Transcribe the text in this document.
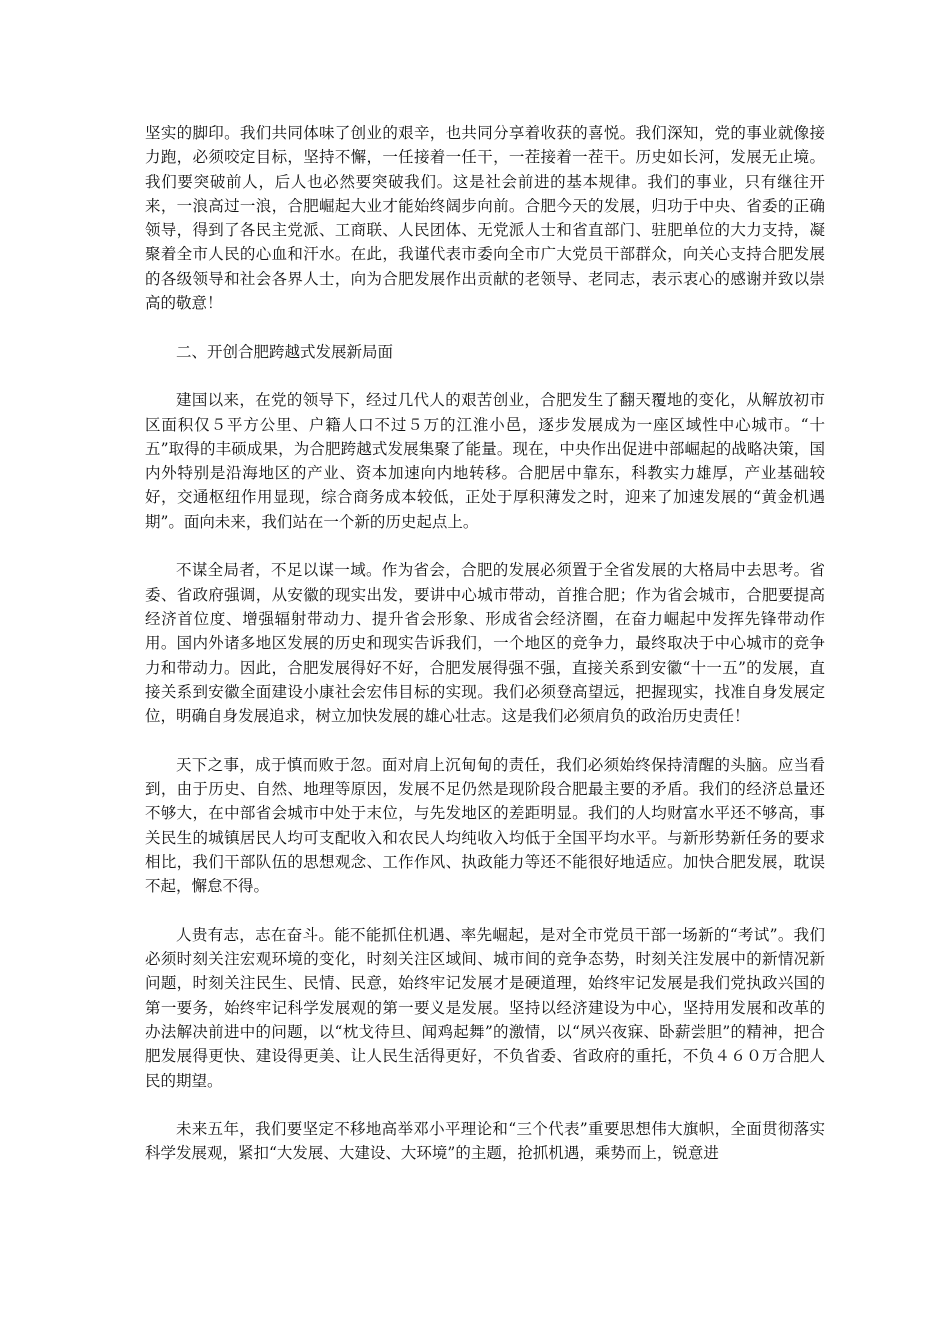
坚实的脚印。我们共同体味了创业的艰辛，也共同分享着收获的喜悦。我们深知，党的事业就像接力跑，必须咬定目标，坚持不懈，一任接着一任干，一茬接着一茬干。历史如长河，发展无止境。我们要突破前人，后人也必然要突破我们。这是社会前进的基本规律。我们的事业，只有继往开来，一浪高过一浪，合肥崛起大业才能始终阔步向前。合肥今天的发展，归功于中央、省委的正确领导，得到了各民主党派、工商联、人民团体、无党派人士和省直部门、驻肥单位的大力支持，凝聚着全市人民的心血和汗水。在此，我谨代表市委向全市广大党员干部群众，向关心支持合肥发展的各级领导和社会各界人士，向为合肥发展作出贡献的老领导、老同志，表示衷心的感谢并致以崇高的敬意！

二、开创合肥跨越式发展新局面

建国以来，在党的领导下，经过几代人的艰苦创业，合肥发生了翻天覆地的变化，从解放初市区面积仅５平方公里、户籍人口不过５万的江淮小邑，逐步发展成为一座区域性中心城市。“十五”取得的丰硕成果，为合肥跨越式发展集聚了能量。现在，中央作出促进中部崛起的战略决策，国内外特别是沿海地区的产业、资本加速向内地转移。合肥居中靠东，科教实力雄厚，产业基础较好，交通枢纽作用显现，综合商务成本较低，正处于厚积薄发之时，迎来了加速发展的“黄金机遇期”。面向未来，我们站在一个新的历史起点上。

不谋全局者，不足以谋一域。作为省会，合肥的发展必须置于全省发展的大格局中去思考。省委、省政府强调，从安徽的现实出发，要讲中心城市带动，首推合肥；作为省会城市，合肥要提高经济首位度、增强辐射带动力、提升省会形象、形成省会经济圈，在奋力崛起中发挥先锋带动作用。国内外诸多地区发展的历史和现实告诉我们，一个地区的竞争力，最终取决于中心城市的竞争力和带动力。因此，合肥发展得好不好，合肥发展得强不强，直接关系到安徽“十一五”的发展，直接关系到安徽全面建设小康社会宏伟目标的实现。我们必须登高望远，把握现实，找准自身发展定位，明确自身发展追求，树立加快发展的雄心壮志。这是我们必须肩负的政治历史责任！

天下之事，成于慎而败于忽。面对肩上沉甸甸的责任，我们必须始终保持清醒的头脑。应当看到，由于历史、自然、地理等原因，发展不足仍然是现阶段合肥最主要的矛盾。我们的经济总量还不够大，在中部省会城市中处于末位，与先发地区的差距明显。我们的人均财富水平还不够高，事关民生的城镇居民人均可支配收入和农民人均纯收入均低于全国平均水平。与新形势新任务的要求相比，我们干部队伍的思想观念、工作作风、执政能力等还不能很好地适应。加快合肥发展，耽误不起，懈怠不得。

人贵有志，志在奋斗。能不能抓住机遇、率先崛起，是对全市党员干部一场新的“考试”。我们必须时刻关注宏观环境的变化，时刻关注区域间、城市间的竞争态势，时刻关注发展中的新情况新问题，时刻关注民生、民情、民意，始终牢记发展才是硬道理，始终牢记发展是我们党执政兴国的第一要务，始终牢记科学发展观的第一要义是发展。坚持以经济建设为中心，坚持用发展和改革的办法解决前进中的问题，以“枕戈待旦、闻鸡起舞”的激情，以“夙兴夜寐、卧薪尝胆”的精神，把合肥发展得更快、建设得更美、让人民生活得更好，不负省委、省政府的重托，不负４６０万合肥人民的期望。

未来五年，我们要坚定不移地高举邓小平理论和“三个代表”重要思想伟大旗帜，全面贯彻落实科学发展观，紧扣“大发展、大建设、大环境”的主题，抢抓机遇，乘势而上，锐意进
